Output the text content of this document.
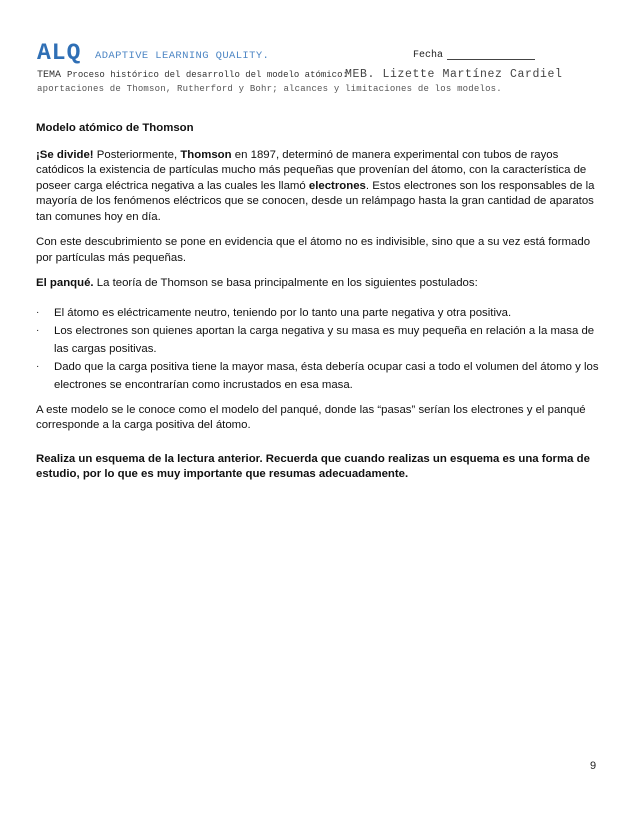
ALQ ADAPTIVE LEARNING QUALITY.	Fecha
TEMA Proceso histórico del desarrollo del modelo atómico:
MEB. Lizette Martínez Cardiel
aportaciones de Thomson, Rutherford y Bohr; alcances y limitaciones de los modelos.

Modelo atómico de Thomson

¡Se divide! Posteriormente, Thomson en 1897, determinó de manera experimental con tubos de rayos catódicos la existencia de partículas mucho más pequeñas que provenían del átomo, con la característica de poseer carga eléctrica negativa a las cuales les llamó electrones. Estos electrones son los responsables de la mayoría de los fenómenos eléctricos que se conocen, desde un relámpago hasta la gran cantidad de aparatos tan comunes hoy en día.

Con este descubrimiento se pone en evidencia que el átomo no es indivisible, sino que a su vez está formado por partículas más pequeñas.

El panqué. La teoría de Thomson se basa principalmente en los siguientes postulados:

· El átomo es eléctricamente neutro, teniendo por lo tanto una parte negativa y otra positiva.

· Los electrones son quienes aportan la carga negativa y su masa es muy pequeña en relación a la masa de las cargas positivas.

· Dado que la carga positiva tiene la mayor masa, ésta debería ocupar casi a todo el volumen del átomo y los electrones se encontrarían como incrustados en esa masa.

A este modelo se le conoce como el modelo del panqué, donde las “pasas” serían los electrones y el panqué corresponde a la carga positiva del átomo.

Realiza un esquema de la lectura anterior. Recuerda que cuando realizas un esquema es una forma de estudio, por lo que es muy importante que resumas adecuadamente.

9
